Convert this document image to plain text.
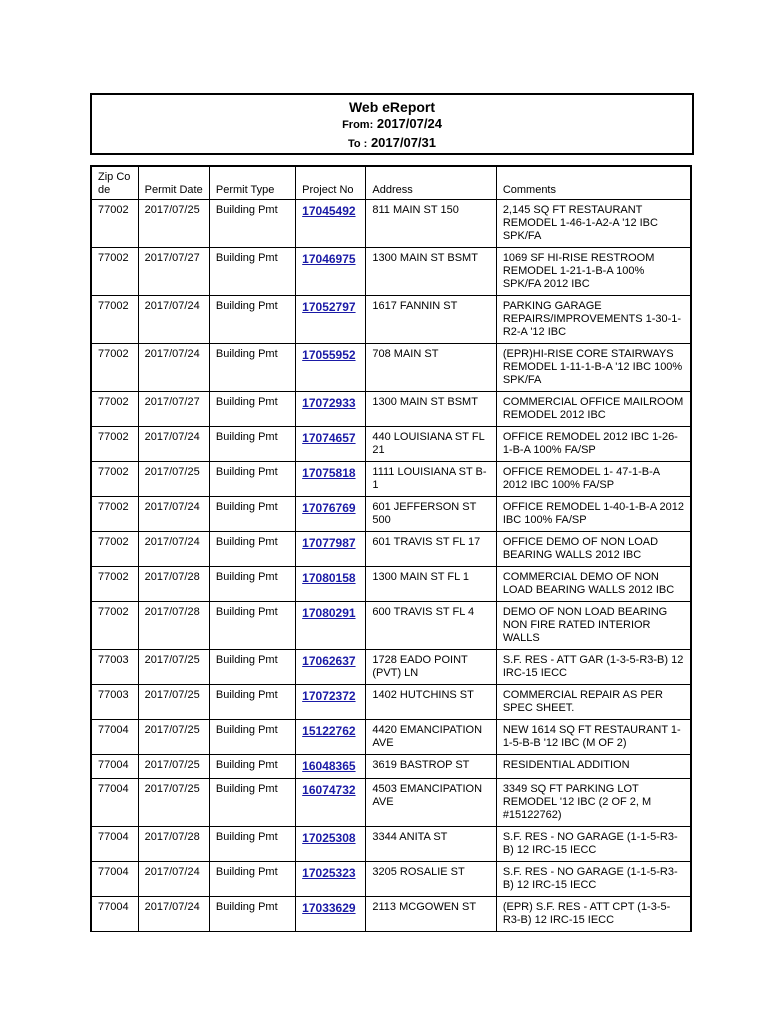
Web eReport
From: 2017/07/24
To : 2017/07/31
Zip Code	Permit Date	Permit Type	Project No	Address	Comments
77002	2017/07/25	Building Pmt	17045492	811 MAIN ST 150	2,145 SQ FT RESTAURANT REMODEL 1-46-1-A2-A '12 IBC SPK/FA
77002	2017/07/27	Building Pmt	17046975	1300 MAIN ST BSMT	1069 SF HI-RISE RESTROOM REMODEL 1-21-1-B-A 100% SPK/FA 2012 IBC
77002	2017/07/24	Building Pmt	17052797	1617 FANNIN ST	PARKING GARAGE REPAIRS/IMPROVEMENTS 1-30-1-R2-A '12 IBC
77002	2017/07/24	Building Pmt	17055952	708 MAIN ST	(EPR)HI-RISE CORE STAIRWAYS REMODEL 1-11-1-B-A '12 IBC 100% SPK/FA
77002	2017/07/27	Building Pmt	17072933	1300 MAIN ST BSMT	COMMERCIAL OFFICE MAILROOM REMODEL 2012 IBC
77002	2017/07/24	Building Pmt	17074657	440 LOUISIANA ST FL 21	OFFICE REMODEL 2012 IBC 1-26-1-B-A 100% FA/SP
77002	2017/07/25	Building Pmt	17075818	1111 LOUISIANA ST B-1	OFFICE REMODEL 1- 47-1-B-A 2012 IBC 100% FA/SP
77002	2017/07/24	Building Pmt	17076769	601 JEFFERSON ST 500	OFFICE REMODEL 1-40-1-B-A 2012 IBC 100% FA/SP
77002	2017/07/24	Building Pmt	17077987	601 TRAVIS ST FL 17	OFFICE DEMO OF NON LOAD BEARING WALLS 2012 IBC
77002	2017/07/28	Building Pmt	17080158	1300 MAIN ST FL 1	COMMERCIAL DEMO OF NON LOAD BEARING WALLS 2012 IBC
77002	2017/07/28	Building Pmt	17080291	600 TRAVIS ST FL 4	DEMO OF NON LOAD BEARING NON FIRE RATED INTERIOR WALLS
77003	2017/07/25	Building Pmt	17062637	1728 EADO POINT (PVT) LN	S.F. RES - ATT GAR (1-3-5-R3-B) 12 IRC-15 IECC
77003	2017/07/25	Building Pmt	17072372	1402 HUTCHINS ST	COMMERCIAL REPAIR AS PER SPEC SHEET.
77004	2017/07/25	Building Pmt	15122762	4420 EMANCIPATION AVE	NEW 1614 SQ FT RESTAURANT 1-1-5-B-B '12 IBC (M OF 2)
77004	2017/07/25	Building Pmt	16048365	3619 BASTROP ST	RESIDENTIAL ADDITION
77004	2017/07/25	Building Pmt	16074732	4503 EMANCIPATION AVE	3349 SQ FT PARKING LOT REMODEL '12 IBC (2 OF 2, M #15122762)
77004	2017/07/28	Building Pmt	17025308	3344 ANITA ST	S.F. RES - NO GARAGE (1-1-5-R3-B) 12 IRC-15 IECC
77004	2017/07/24	Building Pmt	17025323	3205 ROSALIE ST	S.F. RES - NO GARAGE (1-1-5-R3-B) 12 IRC-15 IECC
77004	2017/07/24	Building Pmt	17033629	2113 MCGOWEN ST	(EPR) S.F. RES - ATT CPT (1-3-5-R3-B) 12 IRC-15 IECC
